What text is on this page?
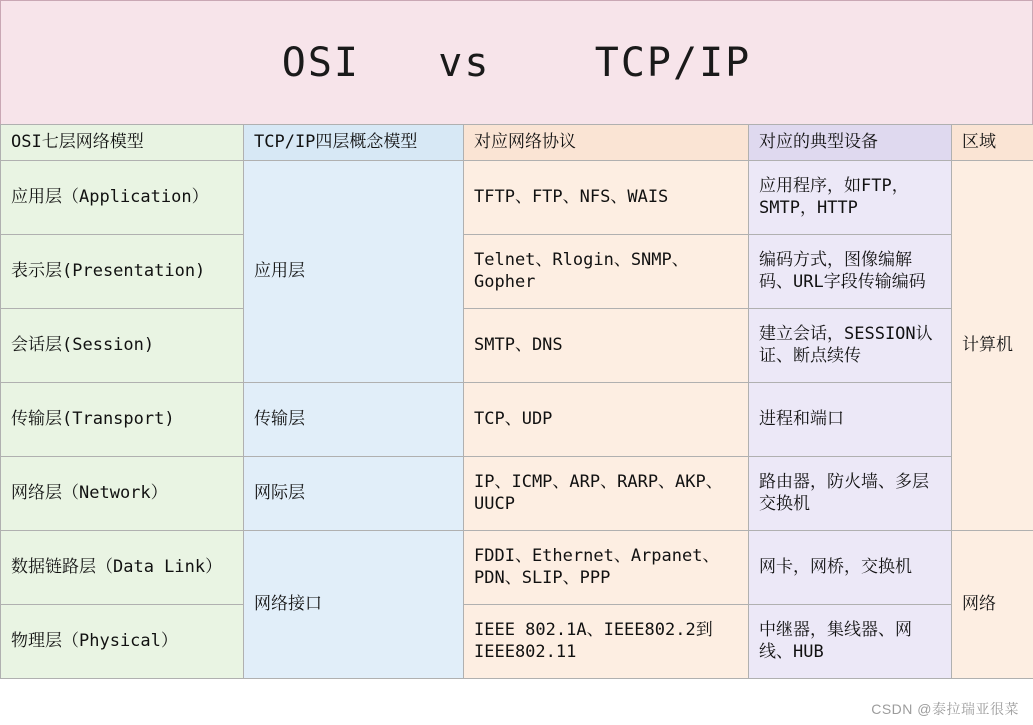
OSI   vs    TCP/IP
OSI七层网络模型	TCP/IP四层概念模型	对应网络协议	对应的典型设备	区域
应用层（Application）	应用层	TFTP、FTP、NFS、WAIS	应用程序，如FTP，SMTP，HTTP	计算机
表示层(Presentation)		Telnet、Rlogin、SNMP、Gopher	编码方式，图像编解码、URL字段传输编码	
会话层(Session)		SMTP、DNS	建立会话，SESSION认证、断点续传	
传输层(Transport)	传输层	TCP、UDP	进程和端口	
网络层（Network）	网际层	IP、ICMP、ARP、RARP、AKP、UUCP	路由器，防火墙、多层交换机	
数据链路层（Data Link）	网络接口	FDDI、Ethernet、Arpanet、PDN、SLIP、PPP	网卡，网桥，交换机	网络
物理层（Physical）		IEEE 802.1A、IEEE802.2到IEEE802.11	中继器，集线器、网线、HUB	
CSDN @泰拉瑞亚很菜
